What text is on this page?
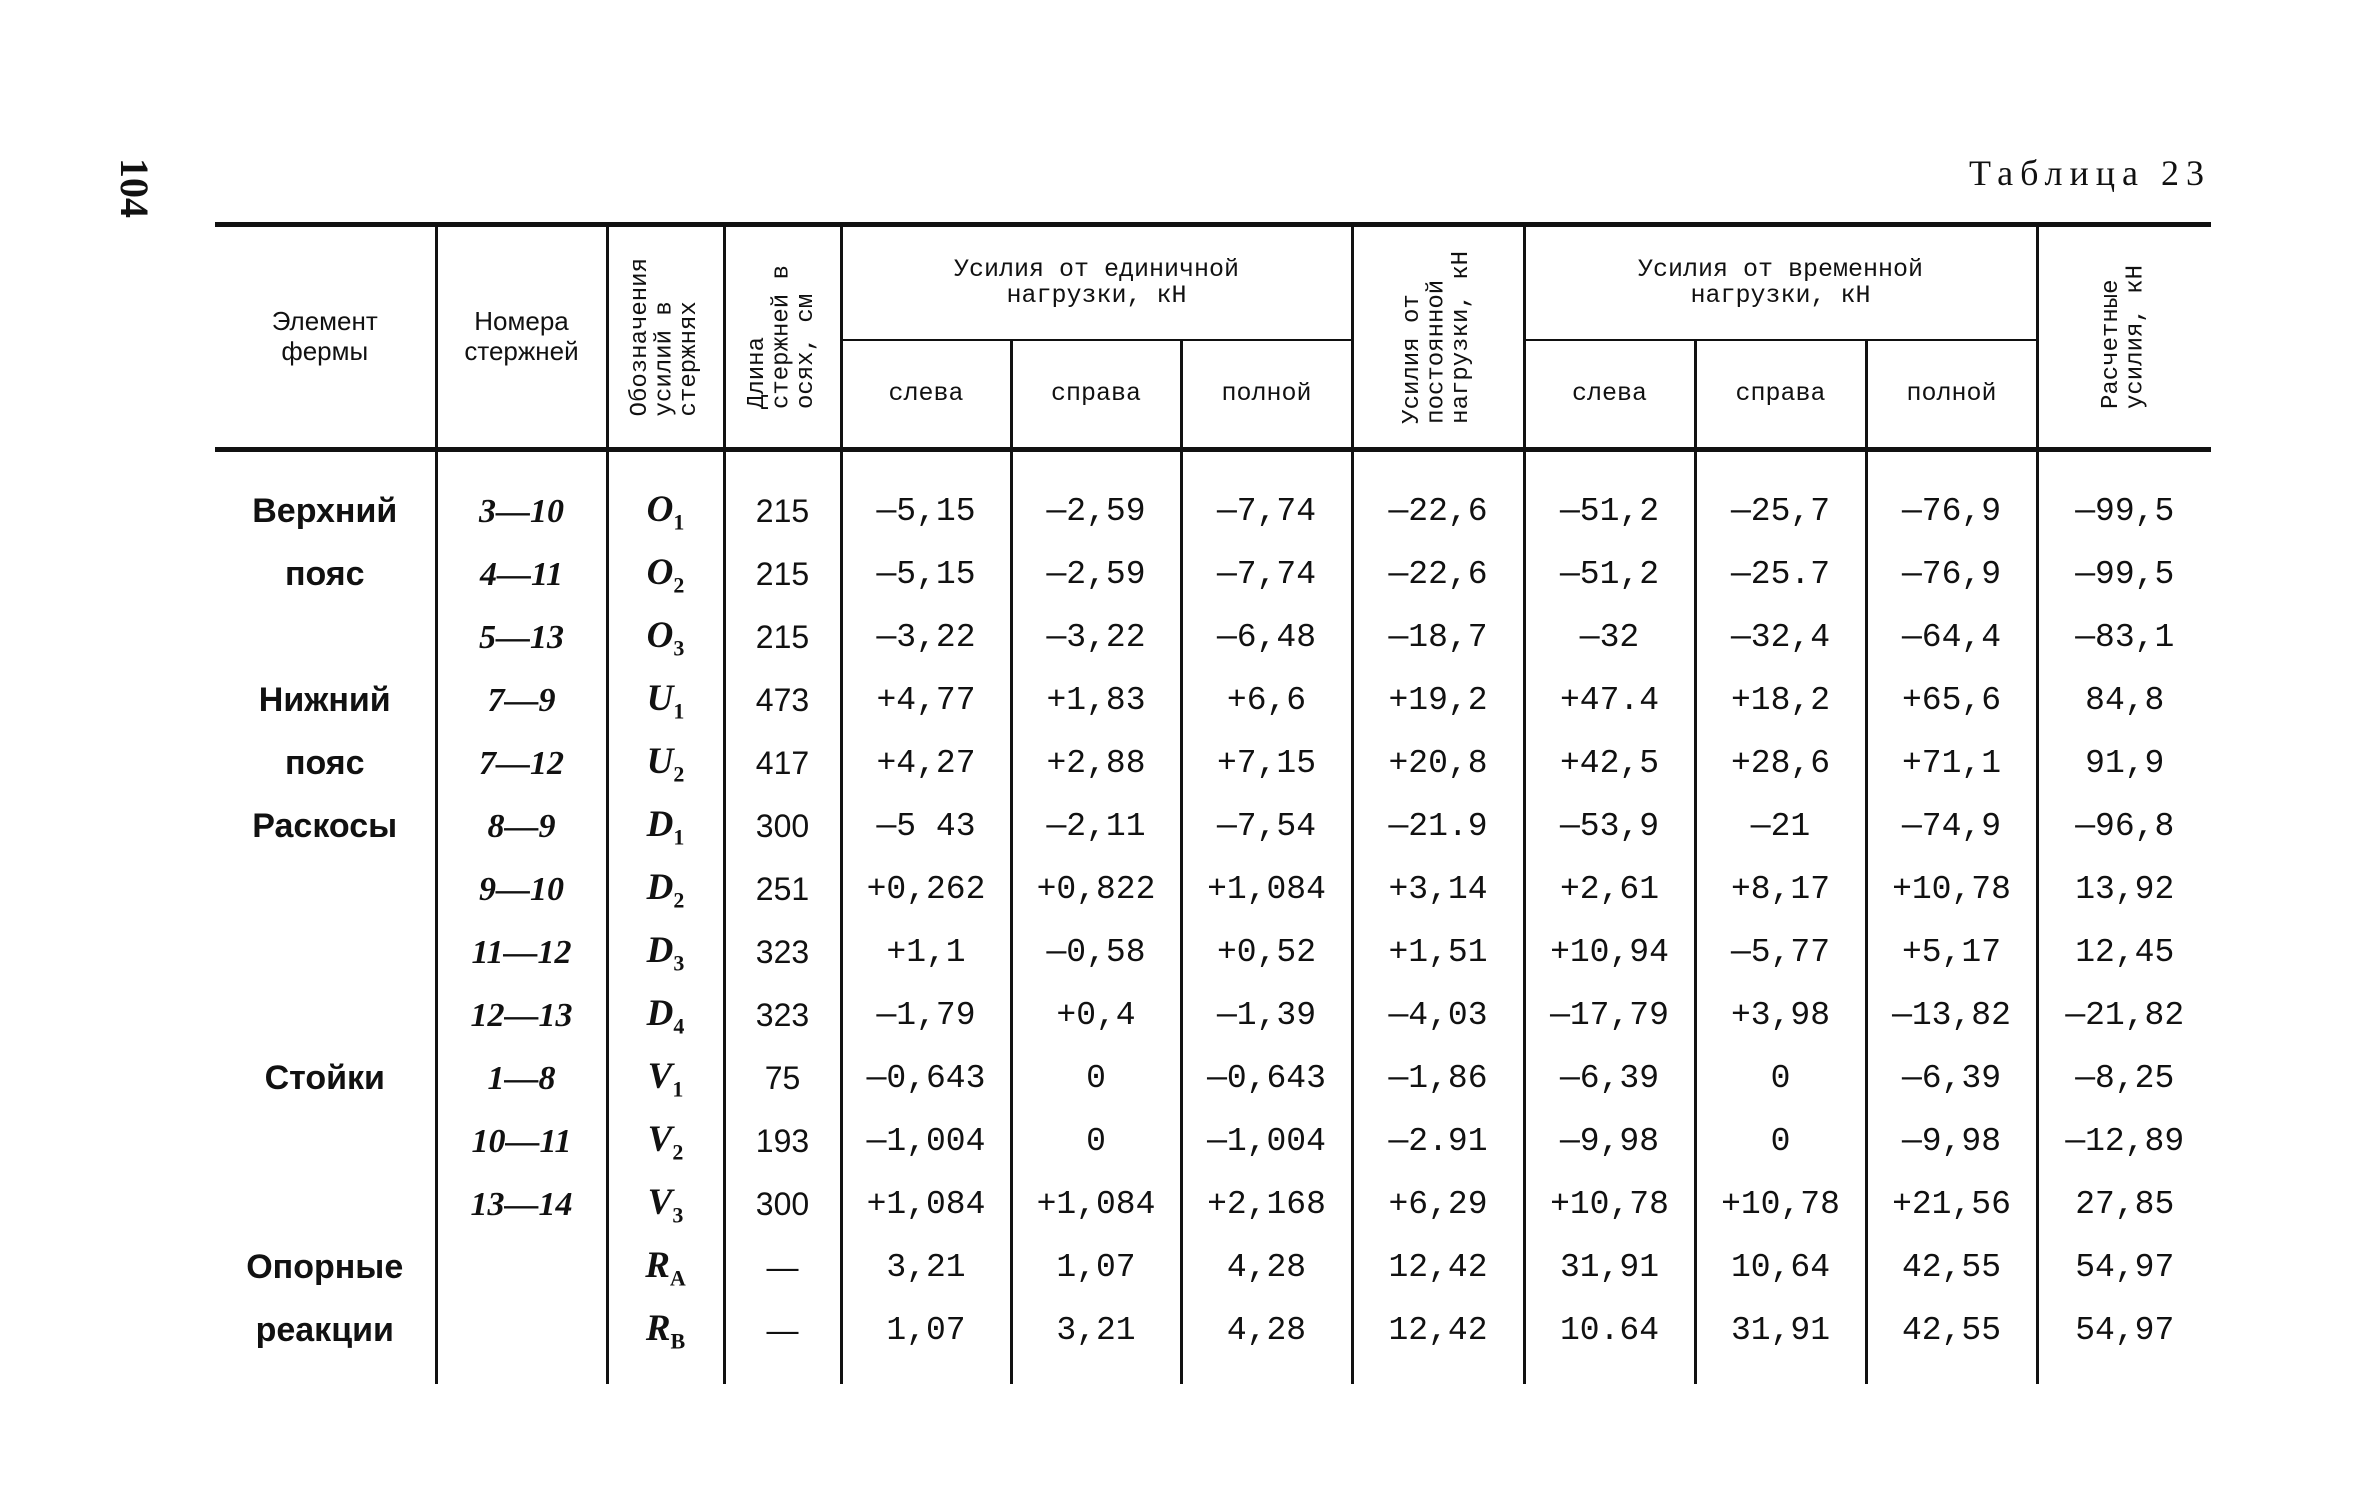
104	Таблица 23
Элемент
фермы	Номера
стержней	Обозначения
усилий в
стержнях	Длина
стержней в
осях, см	Усилия от единичной
нагрузки, кН			Усилия от
постоянной
нагрузки, кН	Усилия от временной
нагрузки, кН			Расчетные
усилия, кН

				слева	справа	полной		слева	справа	полной	
Верхний	3—10	$O_1$	215	—5,15	—2,59	—7,74	—22,6	—51,2	—25,7	—76,9	—99,5
пояс	4—11	$O_2$	215	—5,15	—2,59	—7,74	—22,6	—51,2	—25.7	—76,9	—99,5
	5—13	$O_3$	215	—3,22	—3,22	—6,48	—18,7	—32	—32,4	—64,4	—83,1
Нижний	7—9	$U_1$	473	+4,77	+1,83	+6,6	+19,2	+47.4	+18,2	+65,6	84,8
пояс	7—12	$U_2$	417	+4,27	+2,88	+7,15	+20,8	+42,5	+28,6	+71,1	91,9
Раскосы	8—9	$D_1$	300	—5 43	—2,11	—7,54	—21.9	—53,9	—21	—74,9	—96,8
	9—10	$D_2$	251	+0,262	+0,822	+1,084	+3,14	+2,61	+8,17	+10,78	13,92
	11—12	$D_3$	323	+1,1	—0,58	+0,52	+1,51	+10,94	—5,77	+5,17	12,45
	12—13	$D_4$	323	—1,79	+0,4	—1,39	—4,03	—17,79	+3,98	—13,82	—21,82
Стойки	1—8	$V_1$	75	—0,643	0	—0,643	—1,86	—6,39	0	—6,39	—8,25
	10—11	$V_2$	193	—1,004	0	—1,004	—2.91	—9,98	0	—9,98	—12,89
	13—14	$V_3$	300	+1,084	+1,084	+2,168	+6,29	+10,78	+10,78	+21,56	27,85
Опорные		$R_A$	—	3,21	1,07	4,28	12,42	31,91	10,64	42,55	54,97
реакции		$R_B$	—	1,07	3,21	4,28	12,42	10.64	31,91	42,55	54,97
